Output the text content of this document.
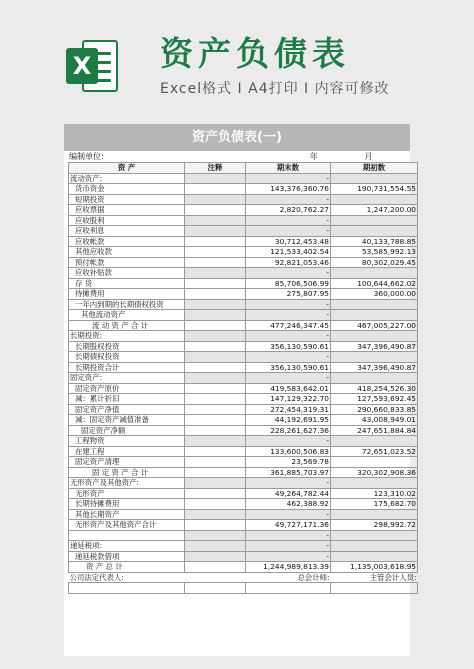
X 资产负债表
Excel格式 I A4打印 I 内容可修改
资产负债表(一)
编制单位:	年 月
资 产	注释	期末数	期初数
流动资产:		-	
货币资金		143,376,360.76	190,731,554.55
短期投资		-	
应收票据		2,820,762.27	1,247,200.00
应收股利		-	
应收利息		-	
应收帐款		30,712,453.48	40,133,788.85
其他应收款		121,533,402.54	53,585,992.13
预付帐款		92,821,053.46	80,302,029.45
应收补贴款		-	
存 货		85,706,506.99	100,644,662.02
待摊费用		275,807.95	360,000.00
一年内到期的长期债权投资		-	
其他流动资产		-	
流 动 资 产 合 计		477,246,347.45	467,005,227.00
长期投资:		-	
长期股权投资		356,130,590.61	347,396,490.87
长期债权投资		-	
长期投资合计		356,130,590.61	347,396,490.87
固定资产:		-	
固定资产原价		419,583,642.01	418,254,526.30
减：累计折旧		147,129,322.70	127,593,692.45
固定资产净值		272,454,319.31	290,660,833.85
减：固定资产减值准备		44,192,691.95	43,008,949.01
固定资产净额		228,261,627.36	247,651,884.84
工程物资		-	
在建工程		133,600,506.83	72,651,023.52
固定资产清理		23,569.78	
固 定 资 产 合 计		361,885,703.97	320,302,908.36
无形资产及其他资产:		-	
无形资产		49,264,782.44	123,310.02
长期待摊费用		462,388.92	175,682.70
其他长期资产		-	
无形资产及其他资产合计		49,727,171.36	298,992.72
		-	
递延税项:		-	
递延税款借项		-	
资 产 总 计		1,244,989,813.39	1,135,003,618.95
公司法定代表人:		总会计师:	主管会计人员:
